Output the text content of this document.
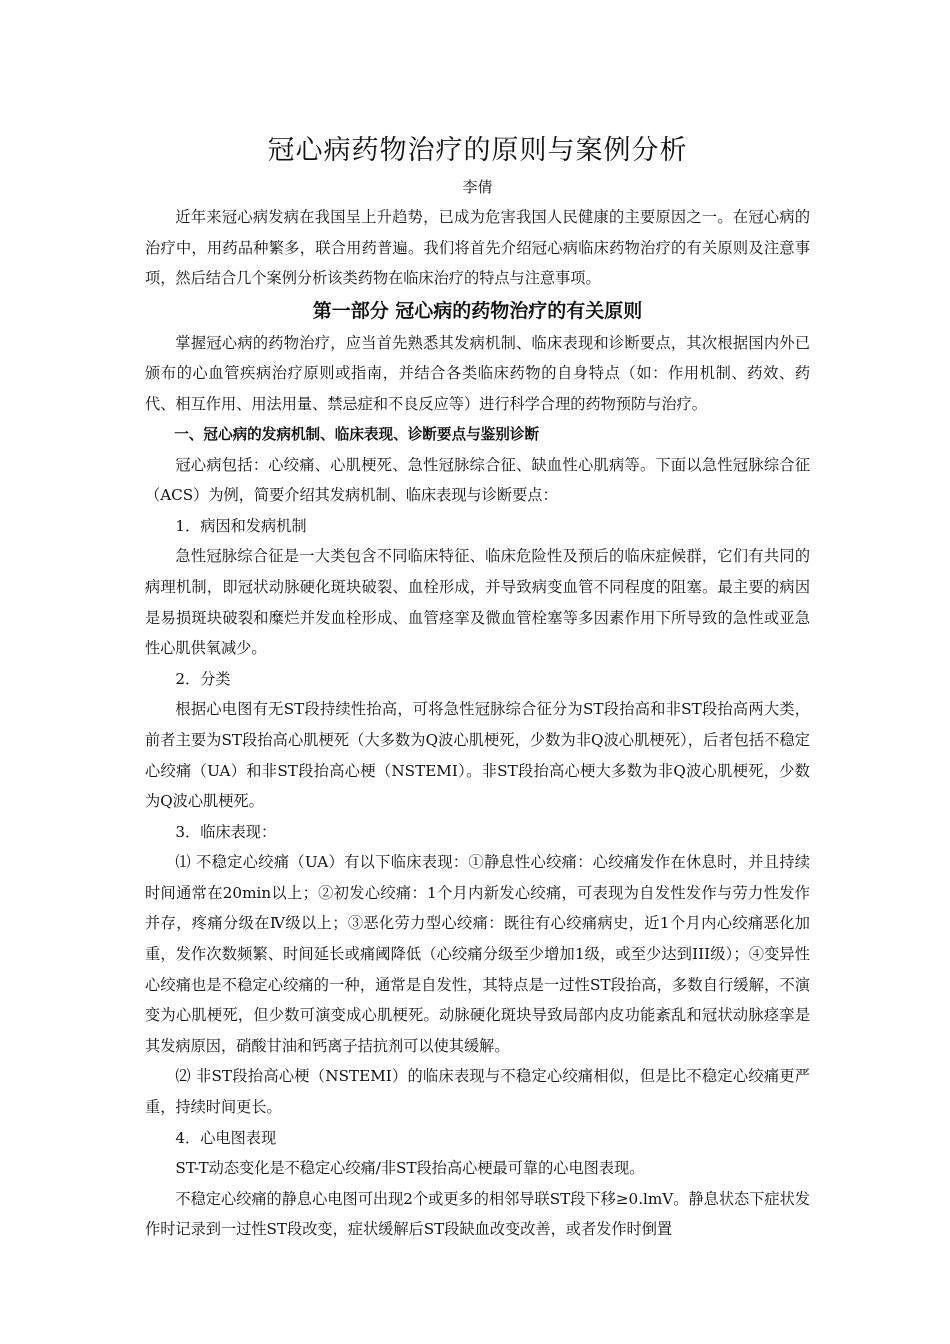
冠心病药物治疗的原则与案例分析

李倩

近年来冠心病发病在我国呈上升趋势，已成为危害我国人民健康的主要原因之一。在冠心病的治疗中，用药品种繁多，联合用药普遍。我们将首先介绍冠心病临床药物治疗的有关原则及注意事项，然后结合几个案例分析该类药物在临床治疗的特点与注意事项。

第一部分 冠心病的药物治疗的有关原则

掌握冠心病的药物治疗，应当首先熟悉其发病机制、临床表现和诊断要点，其次根据国内外已颁布的心血管疾病治疗原则或指南，并结合各类临床药物的自身特点（如：作用机制、药效、药代、相互作用、用法用量、禁忌症和不良反应等）进行科学合理的药物预防与治疗。

一、冠心病的发病机制、临床表现、诊断要点与鉴别诊断

冠心病包括：心绞痛、心肌梗死、急性冠脉综合征、缺血性心肌病等。下面以急性冠脉综合征（ACS）为例，简要介绍其发病机制、临床表现与诊断要点：

1．病因和发病机制

急性冠脉综合征是一大类包含不同临床特征、临床危险性及预后的临床症候群，它们有共同的病理机制，即冠状动脉硬化斑块破裂、血栓形成，并导致病变血管不同程度的阻塞。最主要的病因是易损斑块破裂和糜烂并发血栓形成、血管痉挛及微血管栓塞等多因素作用下所导致的急性或亚急性心肌供氧减少。

2．分类

根据心电图有无ST段持续性抬高，可将急性冠脉综合征分为ST段抬高和非ST段抬高两大类，前者主要为ST段抬高心肌梗死（大多数为Q波心肌梗死，少数为非Q波心肌梗死），后者包括不稳定心绞痛（UA）和非ST段抬高心梗（NSTEMI）。非ST段抬高心梗大多数为非Q波心肌梗死，少数为Q波心肌梗死。

3．临床表现：

⑴ 不稳定心绞痛（UA）有以下临床表现：①静息性心绞痛：心绞痛发作在休息时，并且持续时间通常在20min以上；②初发心绞痛：1个月内新发心绞痛，可表现为自发性发作与劳力性发作并存，疼痛分级在Ⅳ级以上；③恶化劳力型心绞痛：既往有心绞痛病史，近1个月内心绞痛恶化加重，发作次数频繁、时间延长或痛阈降低（心绞痛分级至少增加1级，或至少达到III级）；④变异性心绞痛也是不稳定心绞痛的一种，通常是自发性，其特点是一过性ST段抬高，多数自行缓解，不演变为心肌梗死，但少数可演变成心肌梗死。动脉硬化斑块导致局部内皮功能紊乱和冠状动脉痉挛是其发病原因，硝酸甘油和钙离子拮抗剂可以使其缓解。

⑵ 非ST段抬高心梗（NSTEMI）的临床表现与不稳定心绞痛相似，但是比不稳定心绞痛更严重，持续时间更长。

4．心电图表现

ST-T动态变化是不稳定心绞痛/非ST段抬高心梗最可靠的心电图表现。

不稳定心绞痛的静息心电图可出现2个或更多的相邻导联ST段下移≥0.lmV。静息状态下症状发作时记录到一过性ST段改变，症状缓解后ST段缺血改变改善，或者发作时倒置
